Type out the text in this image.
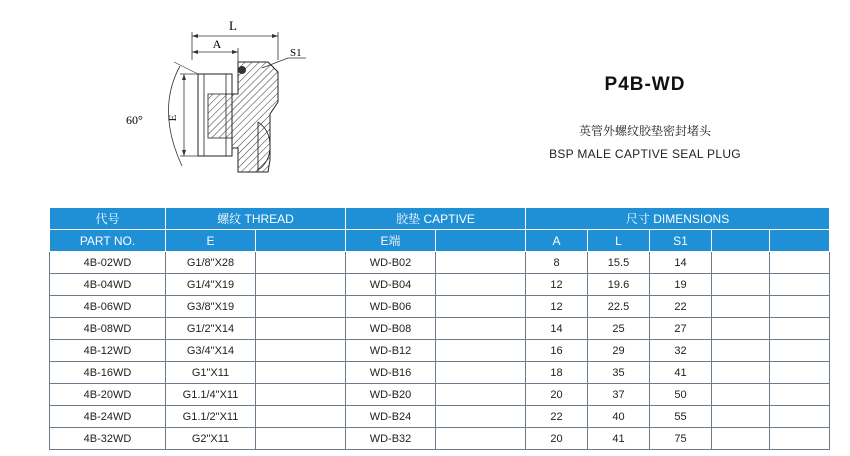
L
A
S1
E
60°
P4B-WD
英管外螺纹胶垫密封堵头
BSP MALE CAPTIVE SEAL PLUG
代号	螺纹 THREAD		胶垫 CAPTIVE		尺寸 DIMENSIONS				
PART NO.	E		E端		A	L	S1		
4B-02WD	G1/8"X28		WD-B02		8	15.5	14		
4B-04WD	G1/4"X19		WD-B04		12	19.6	19		
4B-06WD	G3/8"X19		WD-B06		12	22.5	22		
4B-08WD	G1/2"X14		WD-B08		14	25	27		
4B-12WD	G3/4"X14		WD-B12		16	29	32		
4B-16WD	G1"X11		WD-B16		18	35	41		
4B-20WD	G1.1/4"X11		WD-B20		20	37	50		
4B-24WD	G1.1/2"X11		WD-B24		22	40	55		
4B-32WD	G2"X11		WD-B32		20	41	75		
